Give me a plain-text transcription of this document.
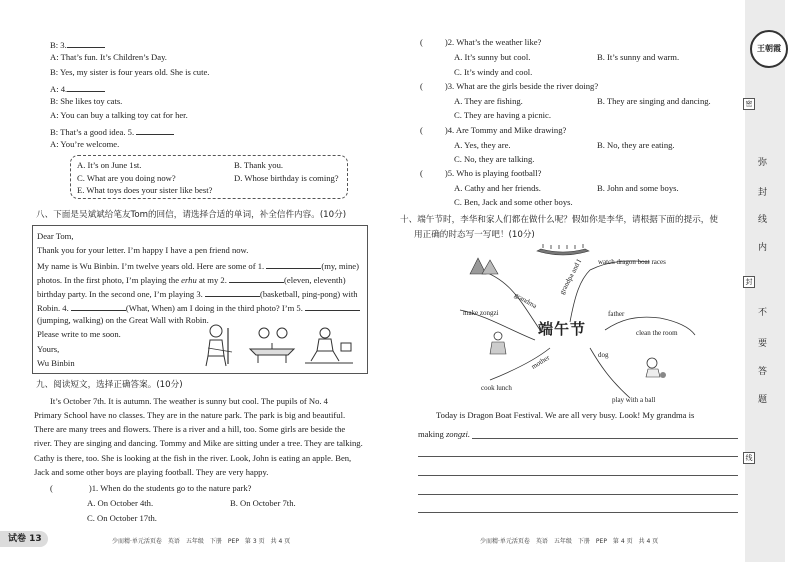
B: 3.
A: That’s fun. It’s Children’s Day.
B: Yes, my sister is four years old. She is cute.
A: 4.
B: She likes toy cats.
A: You can buy a talking toy cat for her.
B: That’s a good idea. 5.
A: You’re welcome.
A. It’s on June 1st.	B. Thank you.
C. What are you doing now?	D. Whose birthday is coming?
E. What toys does your sister like best?
八、下面是吴斌斌给笔友Tom的回信，请选择合适的单词，补全信件内容。(10分)
Dear Tom,
Thank you for your letter. I’m happy I have a pen friend now.
My name is Wu Binbin. I’m twelve years old. Here are some of 1.	(my, mine)
photos. In the first photo, I’m playing the erhu at my 2.	(eleven, eleventh)
birthday party. In the second one, I’m playing 3.	(basketball, ping-pong) with
Robin. 4.	(What, When) am I doing in the third photo? I’m 5.
(jumping, walking) on the Great Wall with Robin.
Please write to me soon.
Yours,
Wu Binbin
九、阅读短文，选择正确答案。(10分)
It’s October 7th. It is autumn. The weather is sunny but cool. The pupils of No. 4
Primary School have no classes. They are in the nature park. The park is big and beautiful.
There are many trees and flowers. There is a river and a hill, too. Some girls are beside the
river. They are singing and dancing. Tommy and Mike are sitting under a tree. They are talking.
Cathy is there, too. She is looking at the fish in the river. Look, John is eating an apple. Ben,
Jack and some other boys are playing football. They are very happy.
(	)1. When do the students go to the nature park?
A. On October 4th.	B. On October 7th.
C. On October 17th.
试卷 13	少而精·单元活页卷　英语　五年级　下册　PEP　第 3 页　共 4 页
(	)2. What’s the weather like?
A. It’s sunny but cool.	B. It’s sunny and warm.
C. It’s windy and cool.
(	)3. What are the girls beside the river doing?
A. They are fishing.	B. They are singing and dancing.
C. They are having a picnic.
(	)4. Are Tommy and Mike drawing?
A. Yes, they are.	B. No, they are eating.
C. No, they are talking.
(	)5. Who is playing football?
A. Cathy and her friends.	B. John and some boys.
C. Ben, Jack and some other boys.
十、端午节时，李华和家人们都在做什么呢？假如你是李华，请根据下面的提示，使
用正确的时态写一写吧！(10分)
端午节
grandpa and I watch dragon boat races
grandma
make zongzi	father
clean the room
mother
cook lunch
dog
play with a ball
Today is Dragon Boat Festival. We are all very busy. Look! My grandma is
making zongzi.
少而精·单元活页卷　英语　五年级　下册　PEP　第 4 页　共 4 页
王朝霞
密
封
线
弥
封
线
内
不
要
答
题
